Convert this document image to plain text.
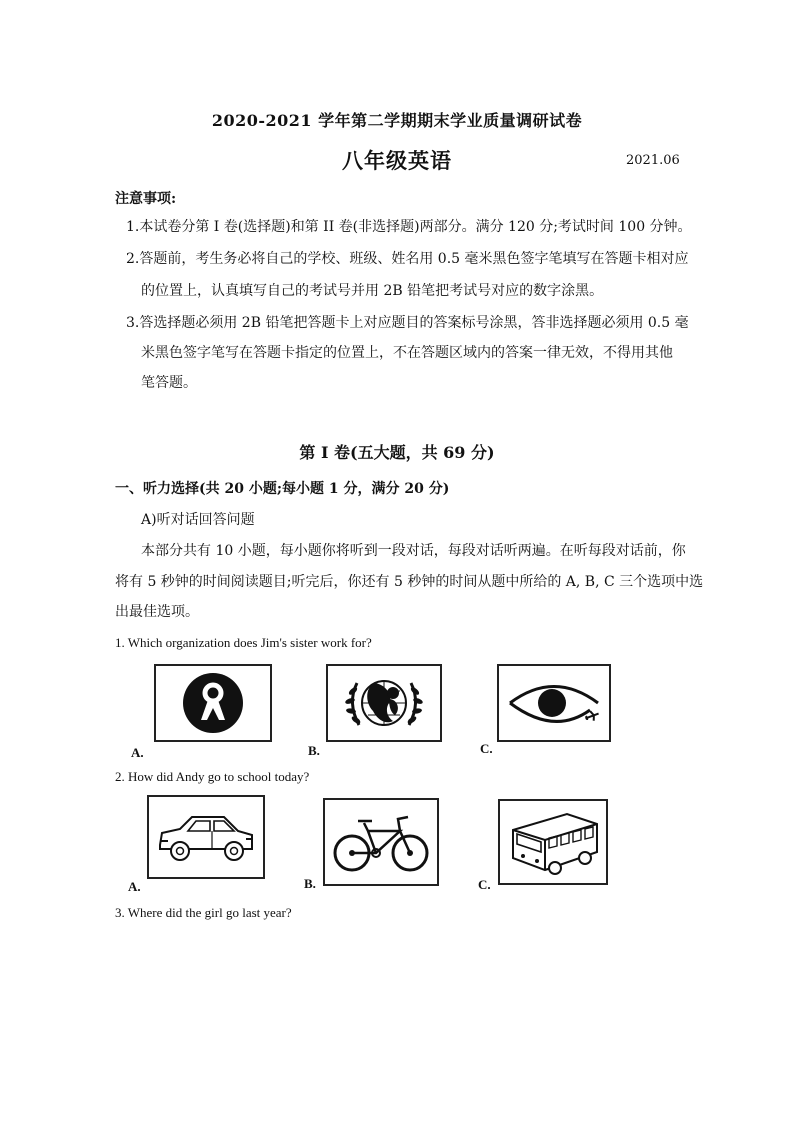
2020-2021 学年第二学期期末学业质量调研试卷
八年级英语	2021.06
注意事项:
1.本试卷分第 I 卷(选择题)和第 II 卷(非选择题)两部分。满分 120 分;考试时间 100 分钟。
2.答题前，考生务必将自己的学校、班级、姓名用 0.5 毫米黑色签字笔填写在答题卡相对应
的位置上，认真填写自己的考试号并用 2B 铅笔把考试号对应的数字涂黑。
3.答选择题必须用 2B 铅笔把答题卡上对应题目的答案标号涂黑，答非选择题必须用 0.5 毫
米黑色签字笔写在答题卡指定的位置上，不在答题区域内的答案一律无效，不得用其他
笔答题。
第 I 卷(五大题，共 69 分)
一、听力选择(共 20 小题;每小题 1 分，满分 20 分)
A)听对话回答问题
本部分共有 10 小题，每小题你将听到一段对话，每段对话听两遍。在听每段对话前，你
将有 5 秒钟的时间阅读题目;听完后，你还有 5 秒钟的时间从题中所给的 A, B, C 三个选项中选
出最佳选项。
1. Which organization does Jim's sister work for?
A.	B.	C.
2. How did Andy go to school today?
A.	B.	C.
3. Where did the girl go last year?
